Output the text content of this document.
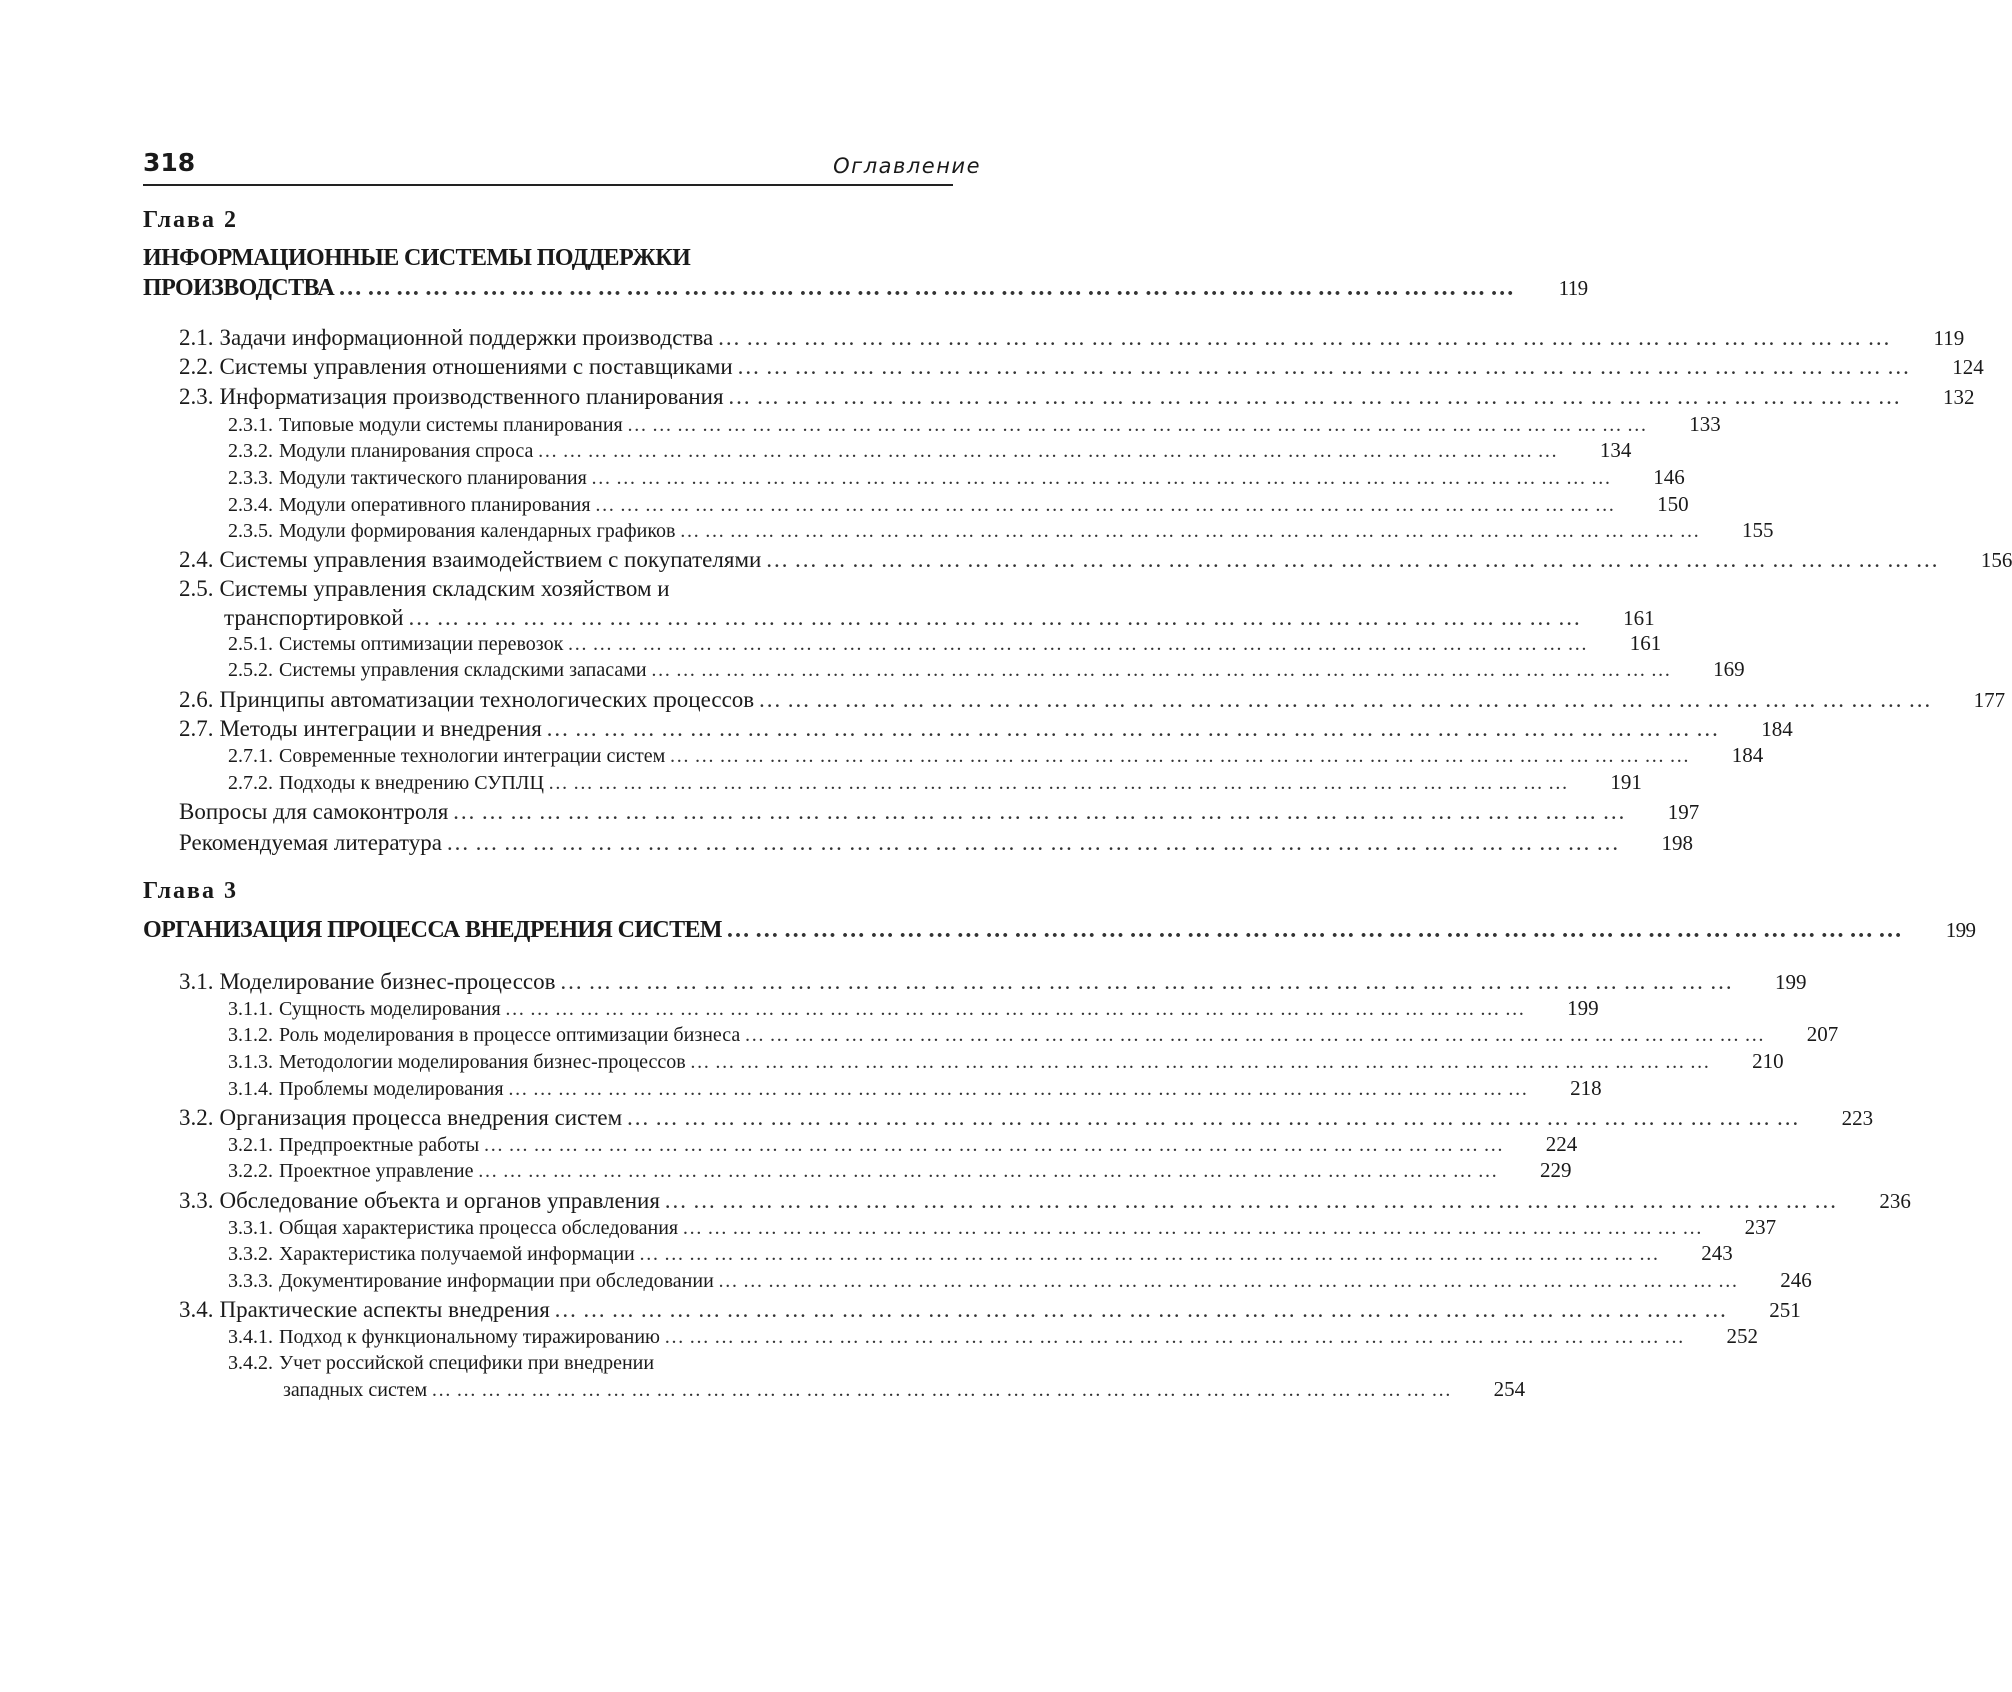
318	Оглавление
Глава 2
ИНФОРМАЦИОННЫЕ СИСТЕМЫ ПОДДЕРЖКИ
ПРОИЗВОДСТВА … … … … … … … … … … … … … … … … … … … … … … … … … … … … … … … … … … … … … … … … …	119
2.1. Задачи информационной поддержки производства … … … … … … … … … … … … … … … … … … … … … … … … … … … … … … … … … … … … … … … … …	119
2.2. Системы управления отношениями с поставщиками … … … … … … … … … … … … … … … … … … … … … … … … … … … … … … … … … … … … … … … … …	124
2.3. Информатизация производственного планирования … … … … … … … … … … … … … … … … … … … … … … … … … … … … … … … … … … … … … … … … …	132
2.3.1. Типовые модули системы планирования … … … … … … … … … … … … … … … … … … … … … … … … … … … … … … … … … … … … … … … … …	133
2.3.2. Модули планирования спроса … … … … … … … … … … … … … … … … … … … … … … … … … … … … … … … … … … … … … … … … …	134
2.3.3. Модули тактического планирования … … … … … … … … … … … … … … … … … … … … … … … … … … … … … … … … … … … … … … … … …	146
2.3.4. Модули оперативного планирования … … … … … … … … … … … … … … … … … … … … … … … … … … … … … … … … … … … … … … … … …	150
2.3.5. Модули формирования календарных графиков … … … … … … … … … … … … … … … … … … … … … … … … … … … … … … … … … … … … … … … … …	155
2.4. Системы управления взаимодействием с покупателями … … … … … … … … … … … … … … … … … … … … … … … … … … … … … … … … … … … … … … … … …	156
2.5. Системы управления складским хозяйством и
транспортировкой … … … … … … … … … … … … … … … … … … … … … … … … … … … … … … … … … … … … … … … … …	161
2.5.1. Системы оптимизации перевозок … … … … … … … … … … … … … … … … … … … … … … … … … … … … … … … … … … … … … … … … …	161
2.5.2. Системы управления складскими запасами … … … … … … … … … … … … … … … … … … … … … … … … … … … … … … … … … … … … … … … … …	169
2.6. Принципы автоматизации технологических процессов … … … … … … … … … … … … … … … … … … … … … … … … … … … … … … … … … … … … … … … … …	177
2.7. Методы интеграции и внедрения … … … … … … … … … … … … … … … … … … … … … … … … … … … … … … … … … … … … … … … … …	184
2.7.1. Современные технологии интеграции систем … … … … … … … … … … … … … … … … … … … … … … … … … … … … … … … … … … … … … … … … …	184
2.7.2. Подходы к внедрению СУПЛЦ … … … … … … … … … … … … … … … … … … … … … … … … … … … … … … … … … … … … … … … … …	191
Вопросы для самоконтроля … … … … … … … … … … … … … … … … … … … … … … … … … … … … … … … … … … … … … … … … …	197
Рекомендуемая литература … … … … … … … … … … … … … … … … … … … … … … … … … … … … … … … … … … … … … … … … …	198
Глава 3
ОРГАНИЗАЦИЯ ПРОЦЕССА ВНЕДРЕНИЯ СИСТЕМ … … … … … … … … … … … … … … … … … … … … … … … … … … … … … … … … … … … … … … … … …	199
3.1. Моделирование бизнес-процессов … … … … … … … … … … … … … … … … … … … … … … … … … … … … … … … … … … … … … … … … …	199
3.1.1. Сущность моделирования … … … … … … … … … … … … … … … … … … … … … … … … … … … … … … … … … … … … … … … … …	199
3.1.2. Роль моделирования в процессе оптимизации бизнеса … … … … … … … … … … … … … … … … … … … … … … … … … … … … … … … … … … … … … … … … …	207
3.1.3. Методологии моделирования бизнес-процессов … … … … … … … … … … … … … … … … … … … … … … … … … … … … … … … … … … … … … … … … …	210
3.1.4. Проблемы моделирования … … … … … … … … … … … … … … … … … … … … … … … … … … … … … … … … … … … … … … … … …	218
3.2. Организация процесса внедрения систем … … … … … … … … … … … … … … … … … … … … … … … … … … … … … … … … … … … … … … … … …	223
3.2.1. Предпроектные работы … … … … … … … … … … … … … … … … … … … … … … … … … … … … … … … … … … … … … … … … …	224
3.2.2. Проектное управление … … … … … … … … … … … … … … … … … … … … … … … … … … … … … … … … … … … … … … … … …	229
3.3. Обследование объекта и органов управления … … … … … … … … … … … … … … … … … … … … … … … … … … … … … … … … … … … … … … … … …	236
3.3.1. Общая характеристика процесса обследования … … … … … … … … … … … … … … … … … … … … … … … … … … … … … … … … … … … … … … … … …	237
3.3.2. Характеристика получаемой информации … … … … … … … … … … … … … … … … … … … … … … … … … … … … … … … … … … … … … … … … …	243
3.3.3. Документирование информации при обследовании … … … … … … … … … … … … … … … … … … … … … … … … … … … … … … … … … … … … … … … … …	246
3.4. Практические аспекты внедрения … … … … … … … … … … … … … … … … … … … … … … … … … … … … … … … … … … … … … … … … …	251
3.4.1. Подход к функциональному тиражированию … … … … … … … … … … … … … … … … … … … … … … … … … … … … … … … … … … … … … … … … …	252
3.4.2. Учет российской специфики при внедрении
западных систем … … … … … … … … … … … … … … … … … … … … … … … … … … … … … … … … … … … … … … … … …	254
